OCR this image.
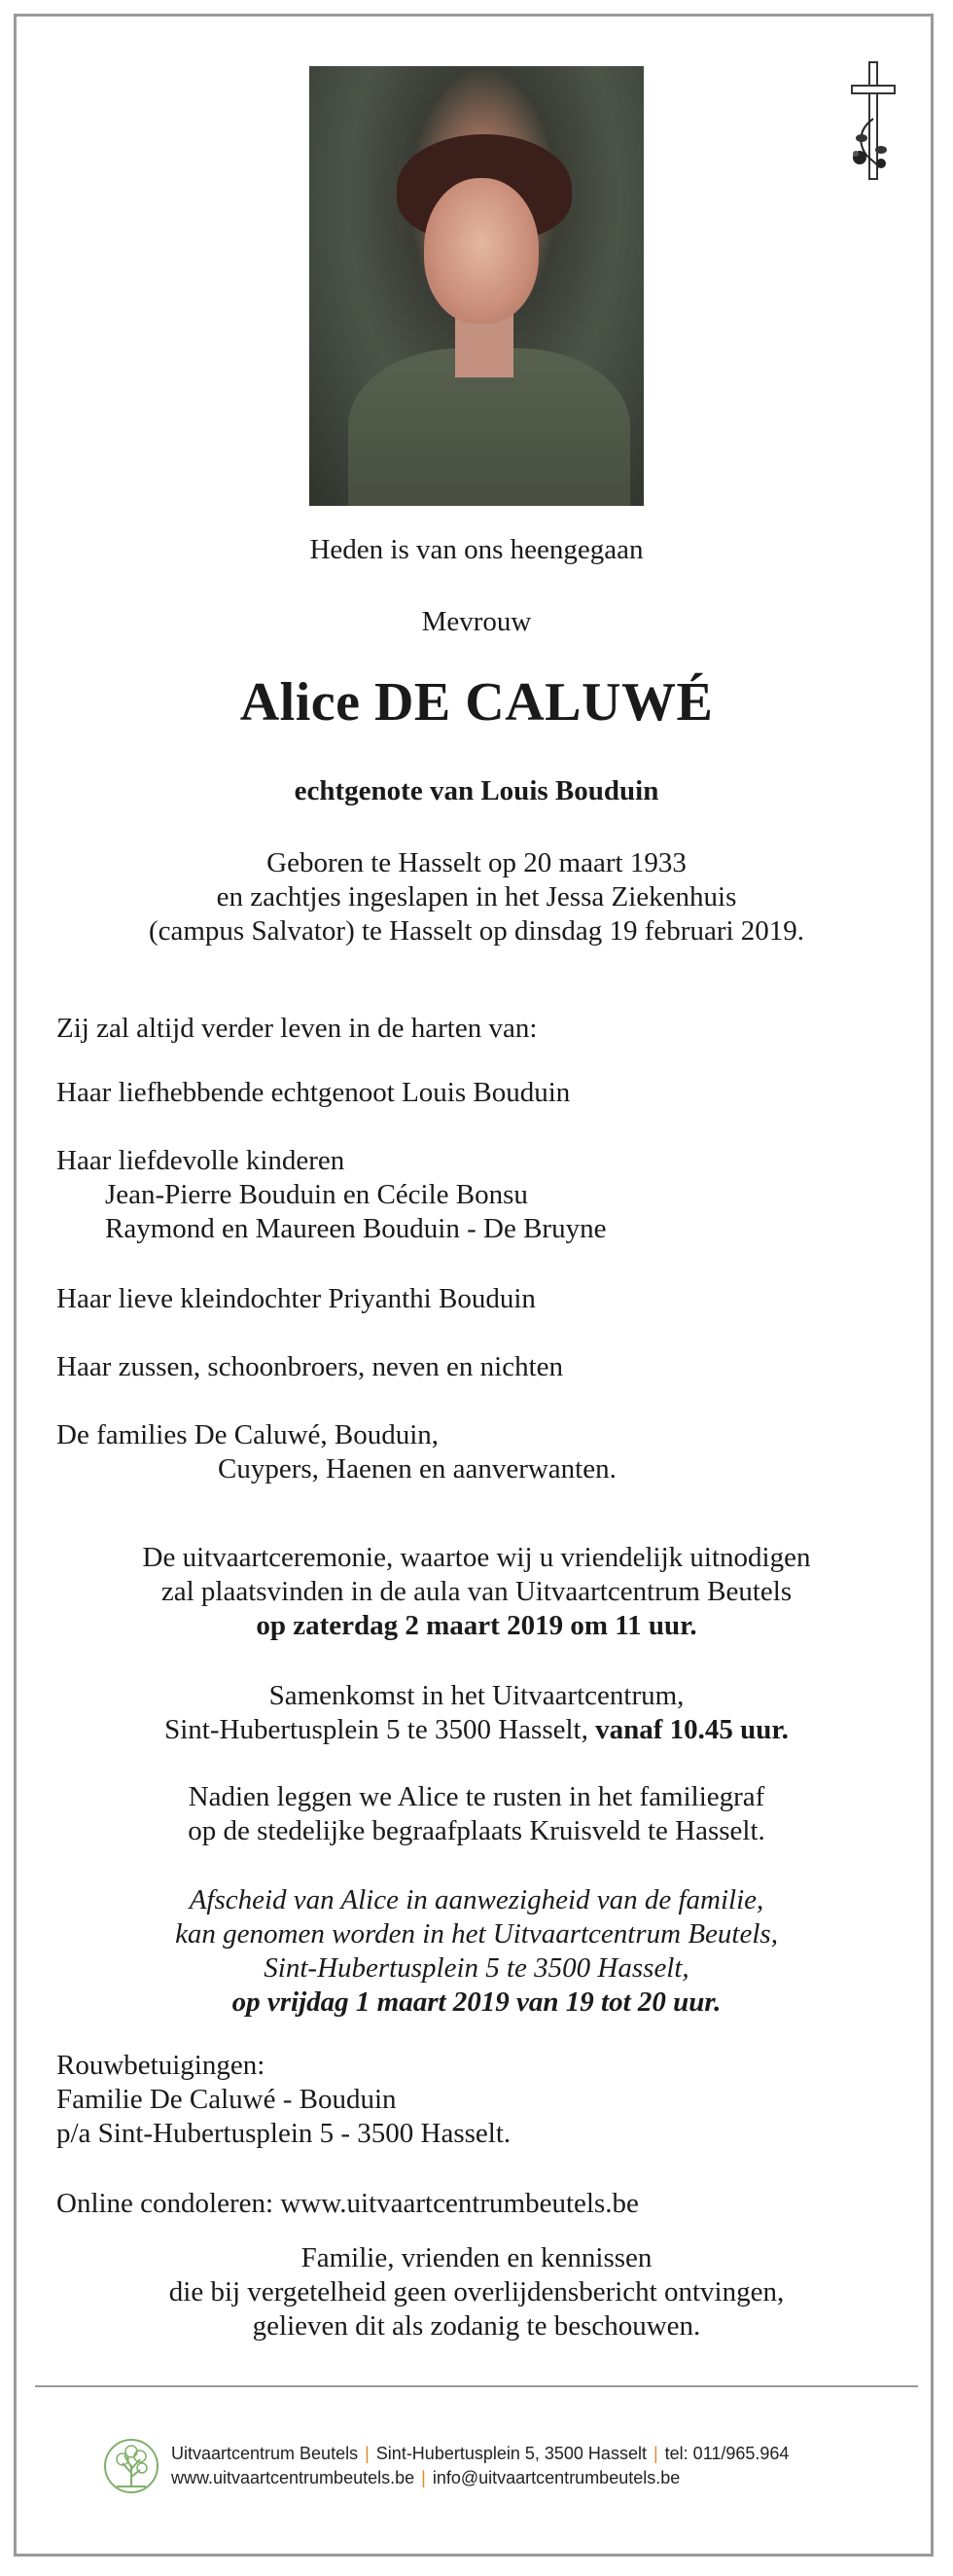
Heden is van ons heengegaan
Mevrouw
Alice DE CALUWÉ
echtgenote van Louis Bouduin
Geboren te Hasselt op 20 maart 1933
en zachtjes ingeslapen in het Jessa Ziekenhuis
(campus Salvator) te Hasselt op dinsdag 19 februari 2019.
Zij zal altijd verder leven in de harten van:
Haar liefhebbende echtgenoot Louis Bouduin
Haar liefdevolle kinderen
Jean-Pierre Bouduin en Cécile Bonsu
Raymond en Maureen Bouduin - De Bruyne
Haar lieve kleindochter Priyanthi Bouduin
Haar zussen, schoonbroers, neven en nichten
De families De Caluwé, Bouduin,
Cuypers, Haenen en aanverwanten.
De uitvaartceremonie, waartoe wij u vriendelijk uitnodigen
zal plaatsvinden in de aula van Uitvaartcentrum Beutels
op zaterdag 2 maart 2019 om 11 uur.
Samenkomst in het Uitvaartcentrum,
Sint-Hubertusplein 5 te 3500 Hasselt, vanaf 10.45 uur.
Nadien leggen we Alice te rusten in het familiegraf
op de stedelijke begraafplaats Kruisveld te Hasselt.
Afscheid van Alice in aanwezigheid van de familie,
kan genomen worden in het Uitvaartcentrum Beutels,
Sint-Hubertusplein 5 te 3500 Hasselt,
op vrijdag 1 maart 2019 van 19 tot 20 uur.
Rouwbetuigingen:
Familie De Caluwé - Bouduin
p/a Sint-Hubertusplein 5 - 3500 Hasselt.
Online condoleren: www.uitvaartcentrumbeutels.be
Familie, vrienden en kennissen
die bij vergetelheid geen overlijdensbericht ontvingen,
gelieven dit als zodanig te beschouwen.
Uitvaartcentrum Beutels | Sint-Hubertusplein 5, 3500 Hasselt | tel: 011/965.964
www.uitvaartcentrumbeutels.be | info@uitvaartcentrumbeutels.be
